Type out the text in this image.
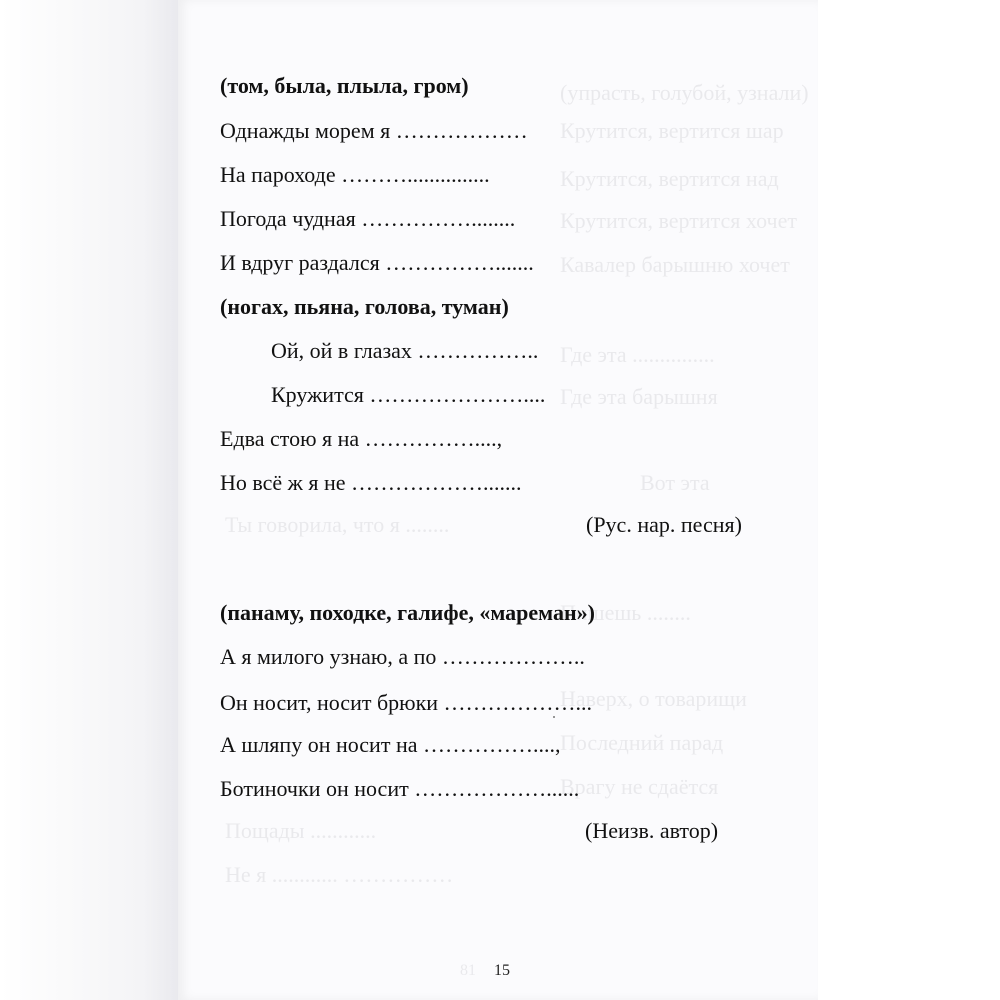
(упрасть, голубой, узнали)
Крутится, вертится шар
Крутится, вертится над
Крутится, вертится хочет
Кавалер барышню хочет
Где эта ...............
Где эта барышня
Вот эта
Ты говорила, что я ........
Пишешь ........
Наверх, о товарищи
Последний парад
Врагу не сдаётся
Пощады ............
Не я ............ ……………
81
(том, была, плыла, гром)
Однажды морем я ………………
На пароходе ………...............
Погода чудная ……………........
И вдруг раздался …………….......
(ногах, пьяна, голова, туман)
Ой, ой в глазах ……………..
Кружится …………………....
Едва стою я на ……………....,
Но всё ж я не ……………….......
(Рус. нар. песня)
(панаму, походке, галифе, «мареман»)
А я милого узнаю, а по ………………..
Он носит, носит брюки ………………...
А шляпу он носит на ……………....,
Ботиночки он носит ………………......
(Неизв. автор)
15
